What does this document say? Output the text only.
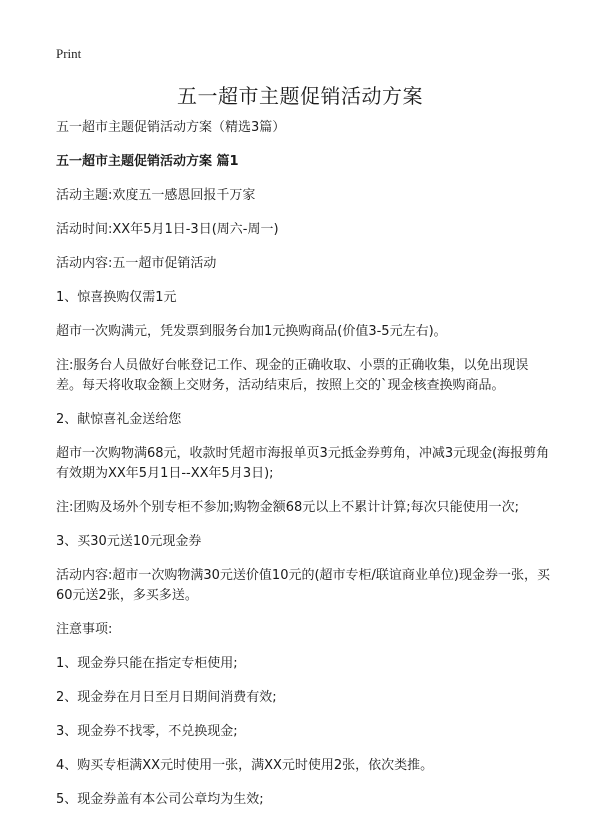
Print
五一超市主题促销活动方案

五一超市主题促销活动方案（精选3篇）

五一超市主题促销活动方案 篇1

活动主题:欢度五一感恩回报千万家

活动时间:XX年5月1日-3日(周六-周一)

活动内容:五一超市促销活动

1、惊喜换购仅需1元

超市一次购满元，凭发票到服务台加1元换购商品(价值3-5元左右)。

注:服务台人员做好台帐登记工作、现金的正确收取、小票的正确收集，以免出现误差。每天将收取金额上交财务，活动结束后，按照上交的`现金核查换购商品。

2、献惊喜礼金送给您

超市一次购物满68元，收款时凭超市海报单页3元抵金券剪角，冲减3元现金(海报剪角有效期为XX年5月1日--XX年5月3日);

注:团购及场外个别专柜不参加;购物金额68元以上不累计计算;每次只能使用一次;

3、买30元送10元现金券

活动内容:超市一次购物满30元送价值10元的(超市专柜/联谊商业单位)现金券一张，买60元送2张，多买多送。

注意事项:

1、现金券只能在指定专柜使用;

2、现金券在月日至月日期间消费有效;

3、现金券不找零，不兑换现金;

4、购买专柜满XX元时使用一张，满XX元时使用2张，依次类推。

5、现金券盖有本公司公章均为生效;
